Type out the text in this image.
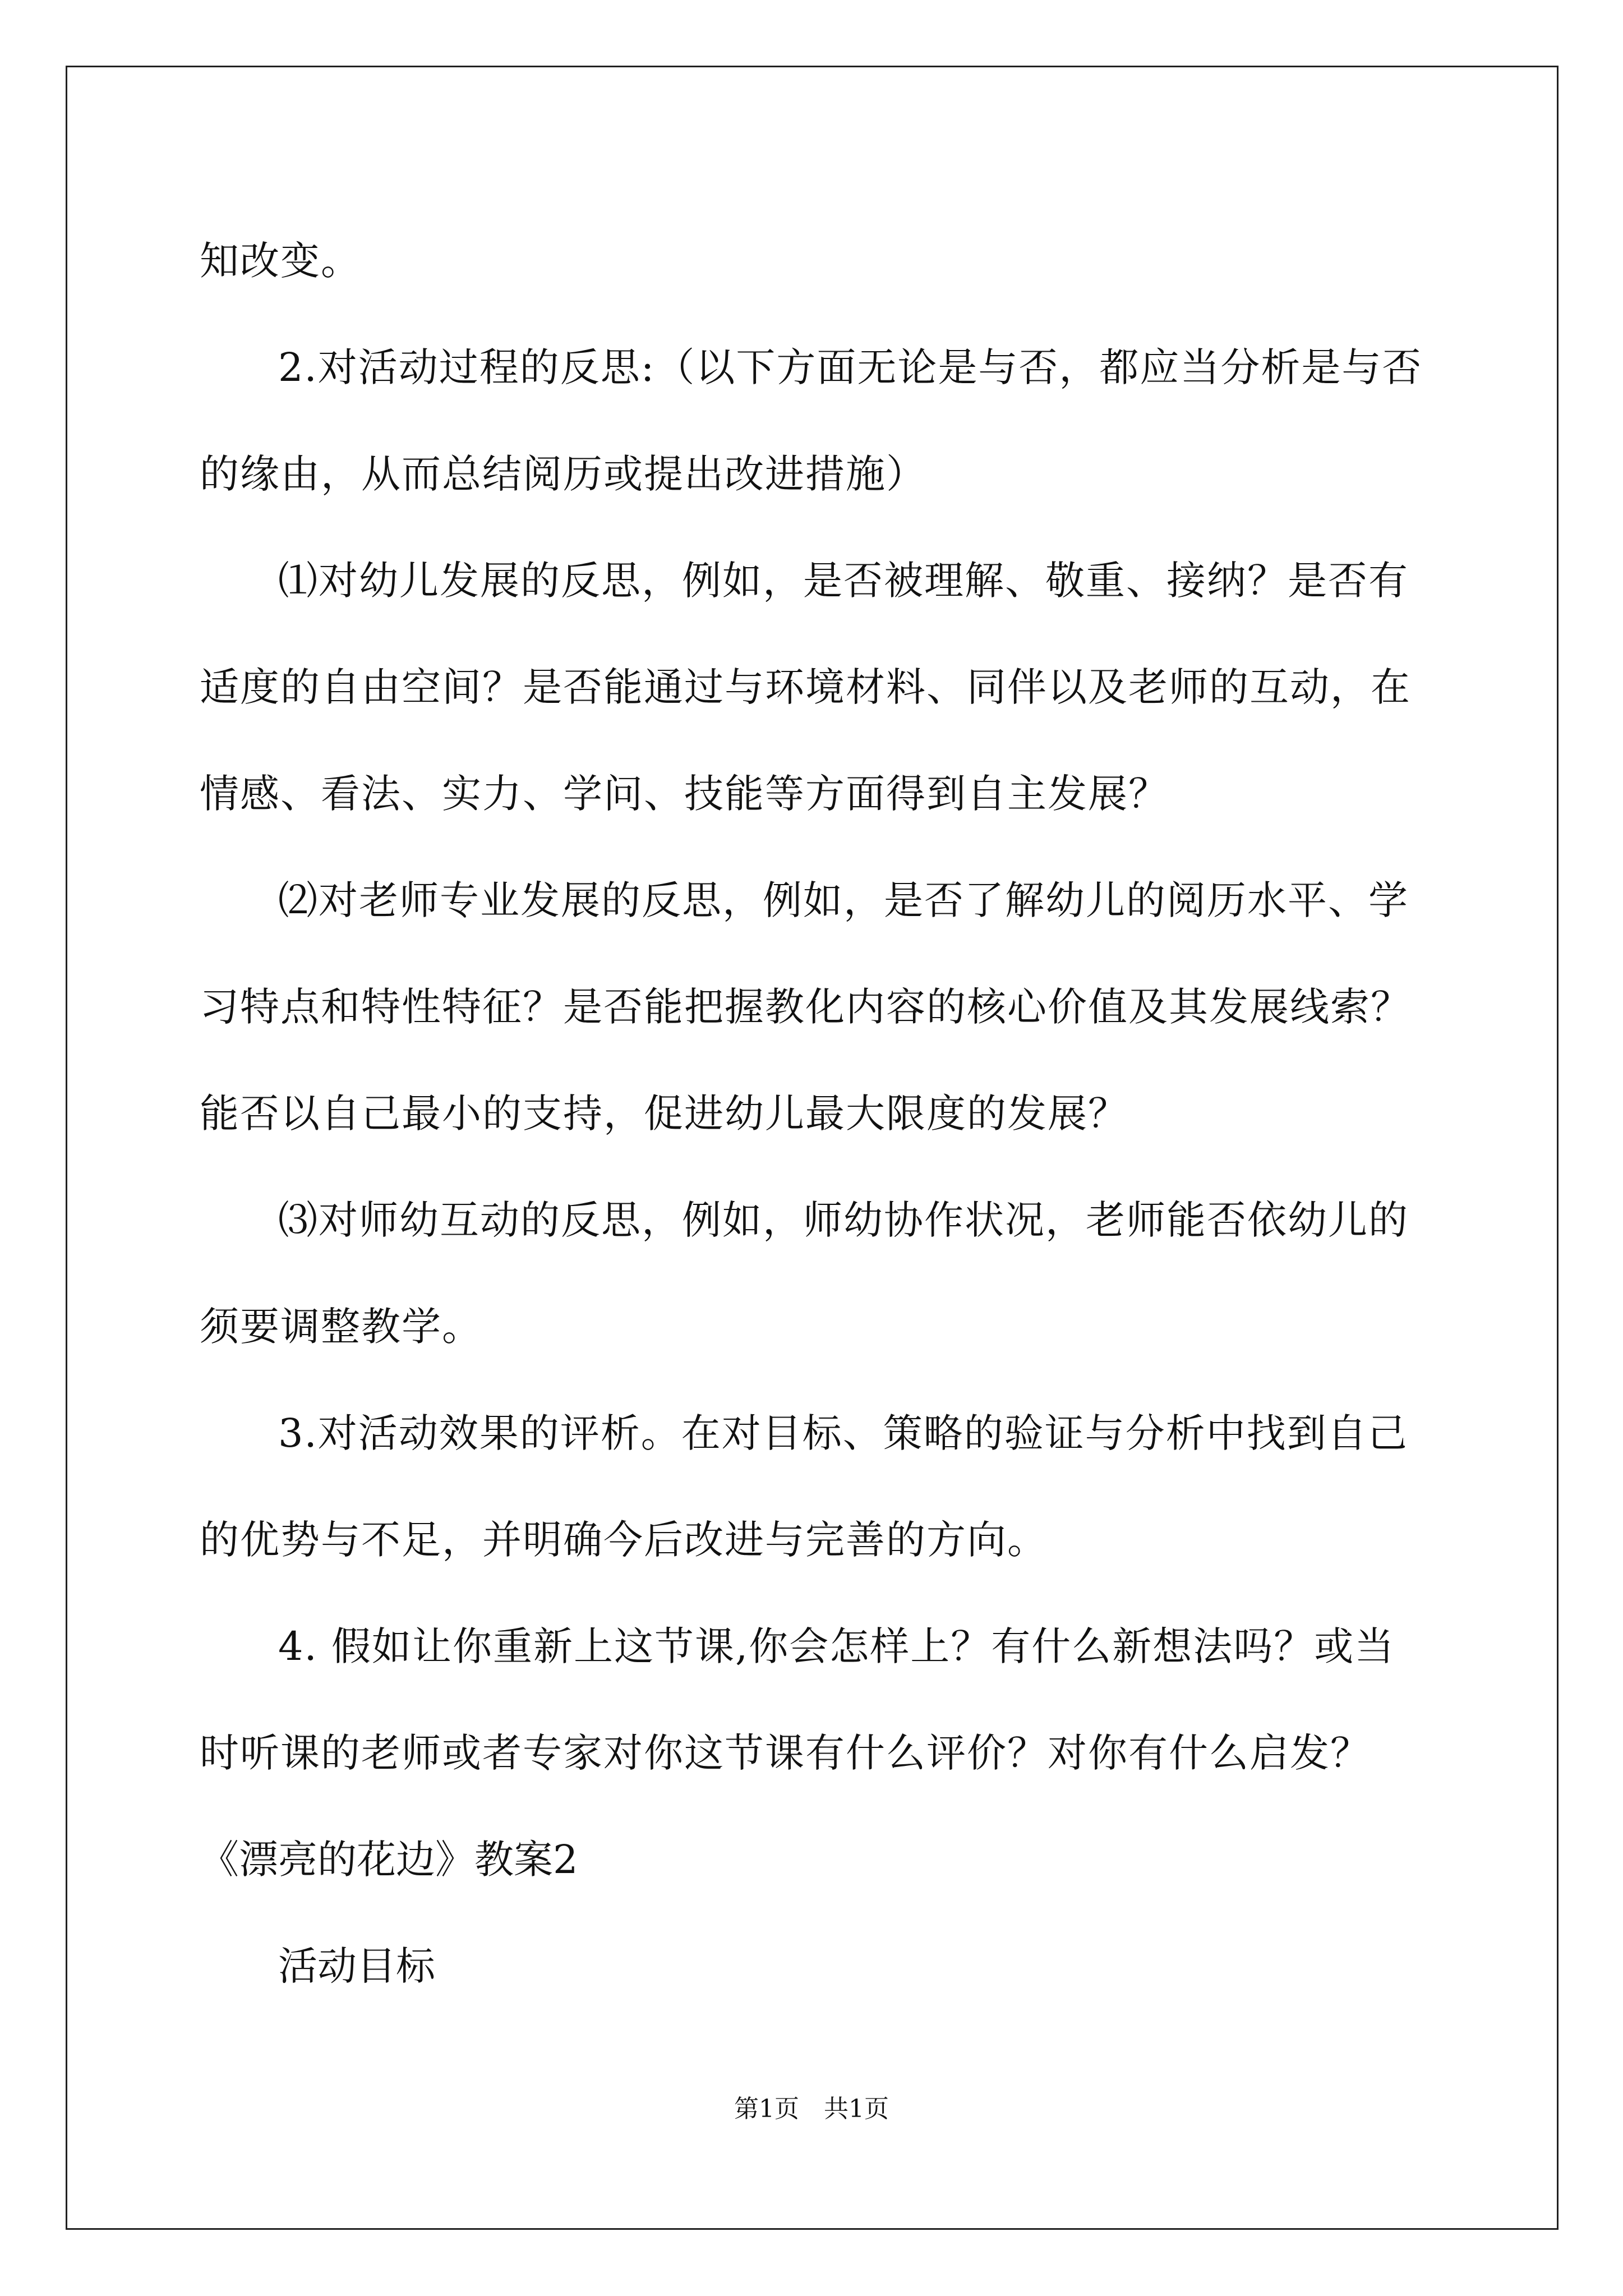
知改变。

2.对活动过程的反思:（以下方面无论是与否，都应当分析是与否的缘由，从而总结阅历或提出改进措施）

⑴对幼儿发展的反思，例如，是否被理解、敬重、接纳？是否有适度的自由空间？是否能通过与环境材料、同伴以及老师的互动，在情感、看法、实力、学问、技能等方面得到自主发展？

⑵对老师专业发展的反思，例如，是否了解幼儿的阅历水平、学习特点和特性特征？是否能把握教化内容的核心价值及其发展线索？能否以自己最小的支持，促进幼儿最大限度的发展？

⑶对师幼互动的反思，例如，师幼协作状况，老师能否依幼儿的须要调整教学。

3.对活动效果的评析。在对目标、策略的验证与分析中找到自己的优势与不足，并明确今后改进与完善的方向。

4. 假如让你重新上这节课,你会怎样上？有什么新想法吗？或当时听课的老师或者专家对你这节课有什么评价？对你有什么启发？

《漂亮的花边》教案2

活动目标

第1页　共1页
